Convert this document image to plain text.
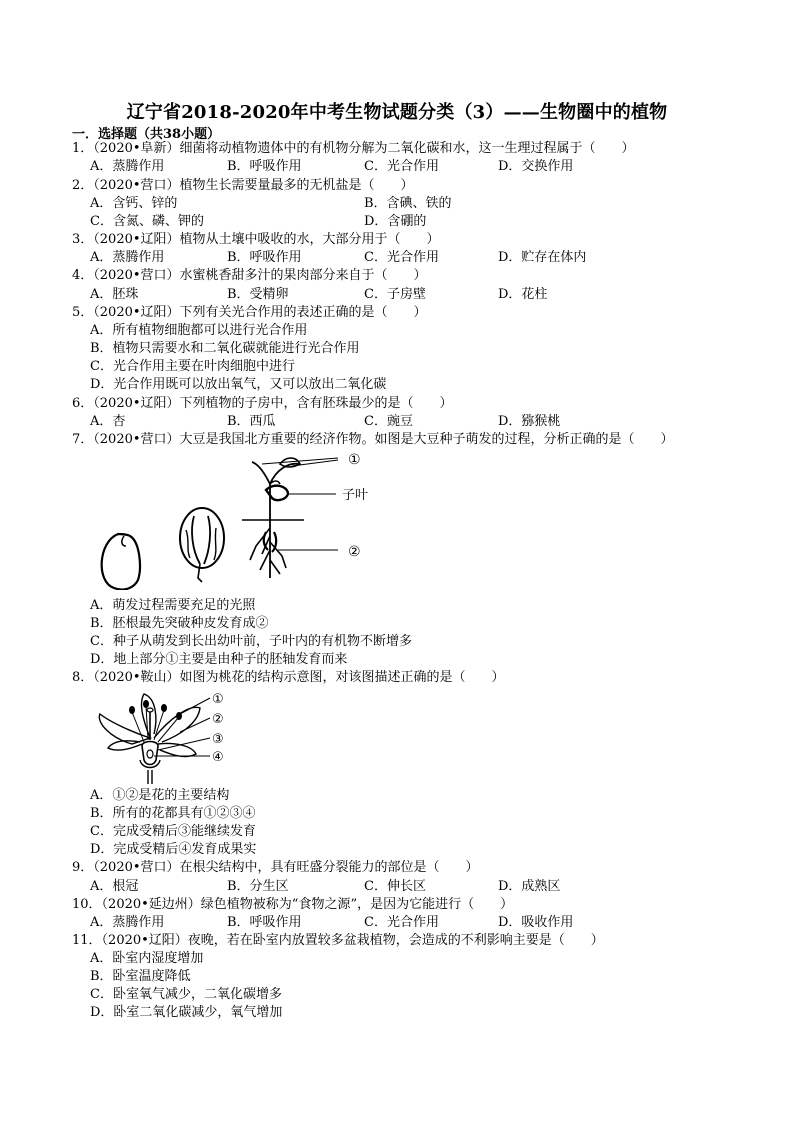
辽宁省2018-2020年中考生物试题分类（3）——生物圈中的植物
一．选择题（共38小题）
1．（2020•阜新）细菌将动植物遗体中的有机物分解为二氧化碳和水，这一生理过程属于（　　）
A．蒸腾作用	B．呼吸作用	C．光合作用	D．交换作用
2．（2020•营口）植物生长需要量最多的无机盐是（　　）
A．含钙、锌的	B．含碘、铁的
C．含氮、磷、钾的	D．含硼的
3．（2020•辽阳）植物从土壤中吸收的水，大部分用于（　　）
A．蒸腾作用	B．呼吸作用	C．光合作用	D．贮存在体内
4．（2020•营口）水蜜桃香甜多汁的果肉部分来自于（　　）
A．胚珠	B．受精卵	C．子房壁	D．花柱
5．（2020•辽阳）下列有关光合作用的表述正确的是（　　）
A．所有植物细胞都可以进行光合作用
B．植物只需要水和二氧化碳就能进行光合作用
C．光合作用主要在叶肉细胞中进行
D．光合作用既可以放出氧气，又可以放出二氧化碳
6．（2020•辽阳）下列植物的子房中，含有胚珠最少的是（　　）
A．杏	B．西瓜	C．豌豆	D．猕猴桃
7．（2020•营口）大豆是我国北方重要的经济作物。如图是大豆种子萌发的过程，分析正确的是（　　）
①
子叶
②
A．萌发过程需要充足的光照
B．胚根最先突破种皮发育成②
C．种子从萌发到长出幼叶前，子叶内的有机物不断增多
D．地上部分①主要是由种子的胚轴发育而来
8．（2020•鞍山）如图为桃花的结构示意图，对该图描述正确的是（　　）
①
②
③
④
A．①②是花的主要结构
B．所有的花都具有①②③④
C．完成受精后③能继续发育
D．完成受精后④发育成果实
9．（2020•营口）在根尖结构中，具有旺盛分裂能力的部位是（　　）
A．根冠	B．分生区	C．伸长区	D．成熟区
10．（2020•延边州）绿色植物被称为“食物之源”，是因为它能进行（　　）
A．蒸腾作用	B．呼吸作用	C．光合作用	D．吸收作用
11．（2020•辽阳）夜晚，若在卧室内放置较多盆栽植物，会造成的不利影响主要是（　　）
A．卧室内湿度增加
B．卧室温度降低
C．卧室氧气减少，二氧化碳增多
D．卧室二氧化碳减少，氧气增加
